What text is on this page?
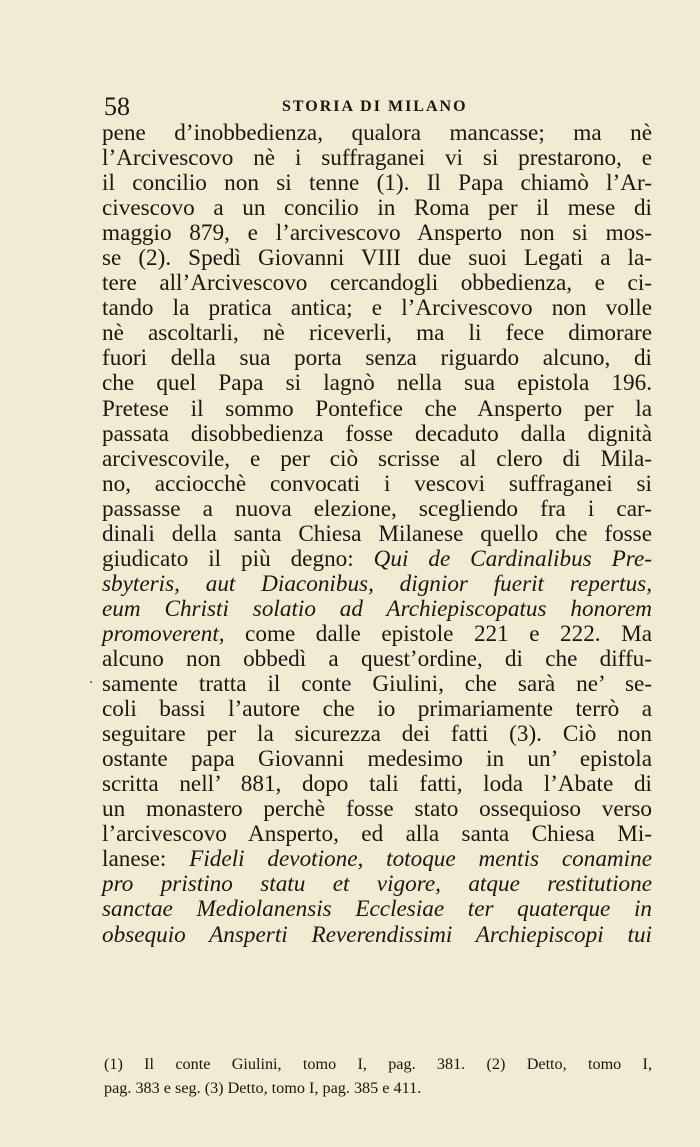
58	STORIA DI MILANO
pene d’inobbedienza, qualora mancasse; ma nè
l’Arcivescovo nè i suffraganei vi si prestarono, e
il concilio non si tenne (1). Il Papa chiamò l’Ar-
civescovo a un concilio in Roma per il mese di
maggio 879, e l’arcivescovo Ansperto non si mos-
se (2). Spedì Giovanni VIII due suoi Legati a la-
tere all’Arcivescovo cercandogli obbedienza, e ci-
tando la pratica antica; e l’Arcivescovo non volle
nè ascoltarli, nè riceverli, ma li fece dimorare
fuori della sua porta senza riguardo alcuno, di
che quel Papa si lagnò nella sua epistola 196.
Pretese il sommo Pontefice che Ansperto per la
passata disobbedienza fosse decaduto dalla dignità
arcivescovile, e per ciò scrisse al clero di Mila-
no, acciocchè convocati i vescovi suffraganei si
passasse a nuova elezione, scegliendo fra i car-
dinali della santa Chiesa Milanese quello che fosse
giudicato il più degno: Qui de Cardinalibus Pre-
sbyteris, aut Diaconibus, dignior fuerit repertus,
eum Christi solatio ad Archiepiscopatus honorem
promoverent, come dalle epistole 221 e 222. Ma
alcuno non obbedì a quest’ordine, di che diffu-
samente tratta il conte Giulini, che sarà ne’ se-
coli bassi l’autore che io primariamente terrò a
seguitare per la sicurezza dei fatti (3). Ciò non
ostante papa Giovanni medesimo in un’ epistola
scritta nell’ 881, dopo tali fatti, loda l’Abate di
un monastero perchè fosse stato ossequioso verso
l’arcivescovo Ansperto, ed alla santa Chiesa Mi-
lanese: Fideli devotione, totoque mentis conamine
pro pristino statu et vigore, atque restitutione
sanctae Mediolanensis Ecclesiae ter quaterque in
obsequio Ansperti Reverendissimi Archiepiscopi tui
·
(1) Il conte Giulini, tomo I, pag. 381. (2) Detto, tomo I,
pag. 383 e seg. (3) Detto, tomo I, pag. 385 e 411.
